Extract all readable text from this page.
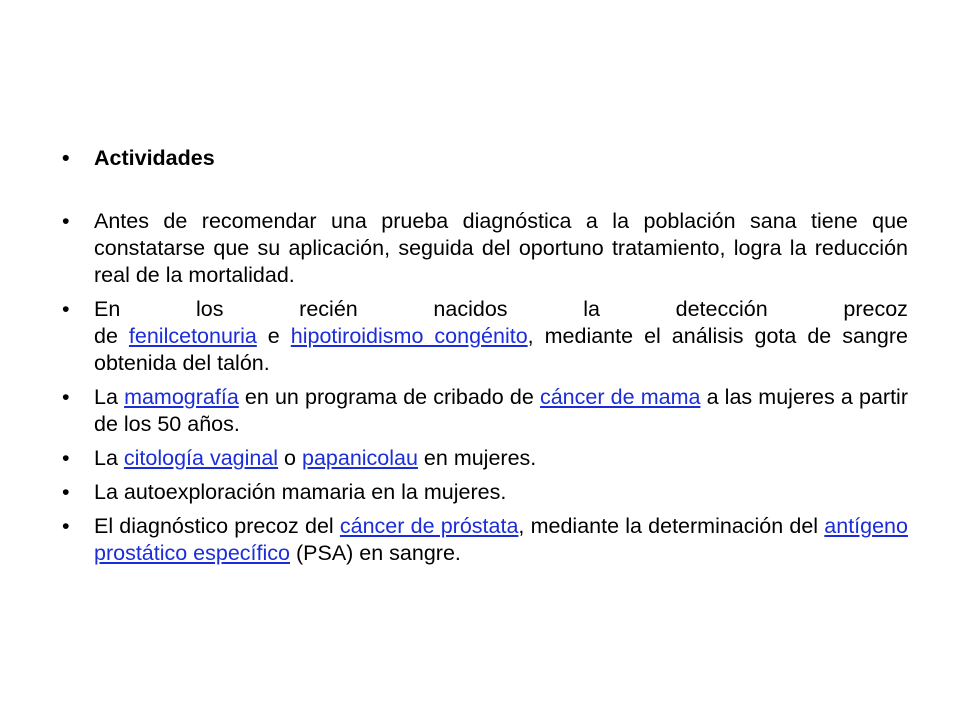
• Actividades
• Antes de recomendar una prueba diagnóstica a la población sana tiene que constatarse que su aplicación, seguida del oportuno tratamiento, logra la reducción real de la mortalidad.
• En	los	recién	nacidos	la	detección	precoz
de fenilcetonuria e hipotiroidismo congénito, mediante el análisis gota de sangre obtenida del talón.
• La mamografía en un programa de cribado de cáncer de mama a las mujeres a partir de los 50 años.
• La citología vaginal o papanicolau en mujeres.
• La autoexploración mamaria en la mujeres.
• El diagnóstico precoz del cáncer de próstata, mediante la determinación del antígeno prostático específico (PSA) en sangre.
